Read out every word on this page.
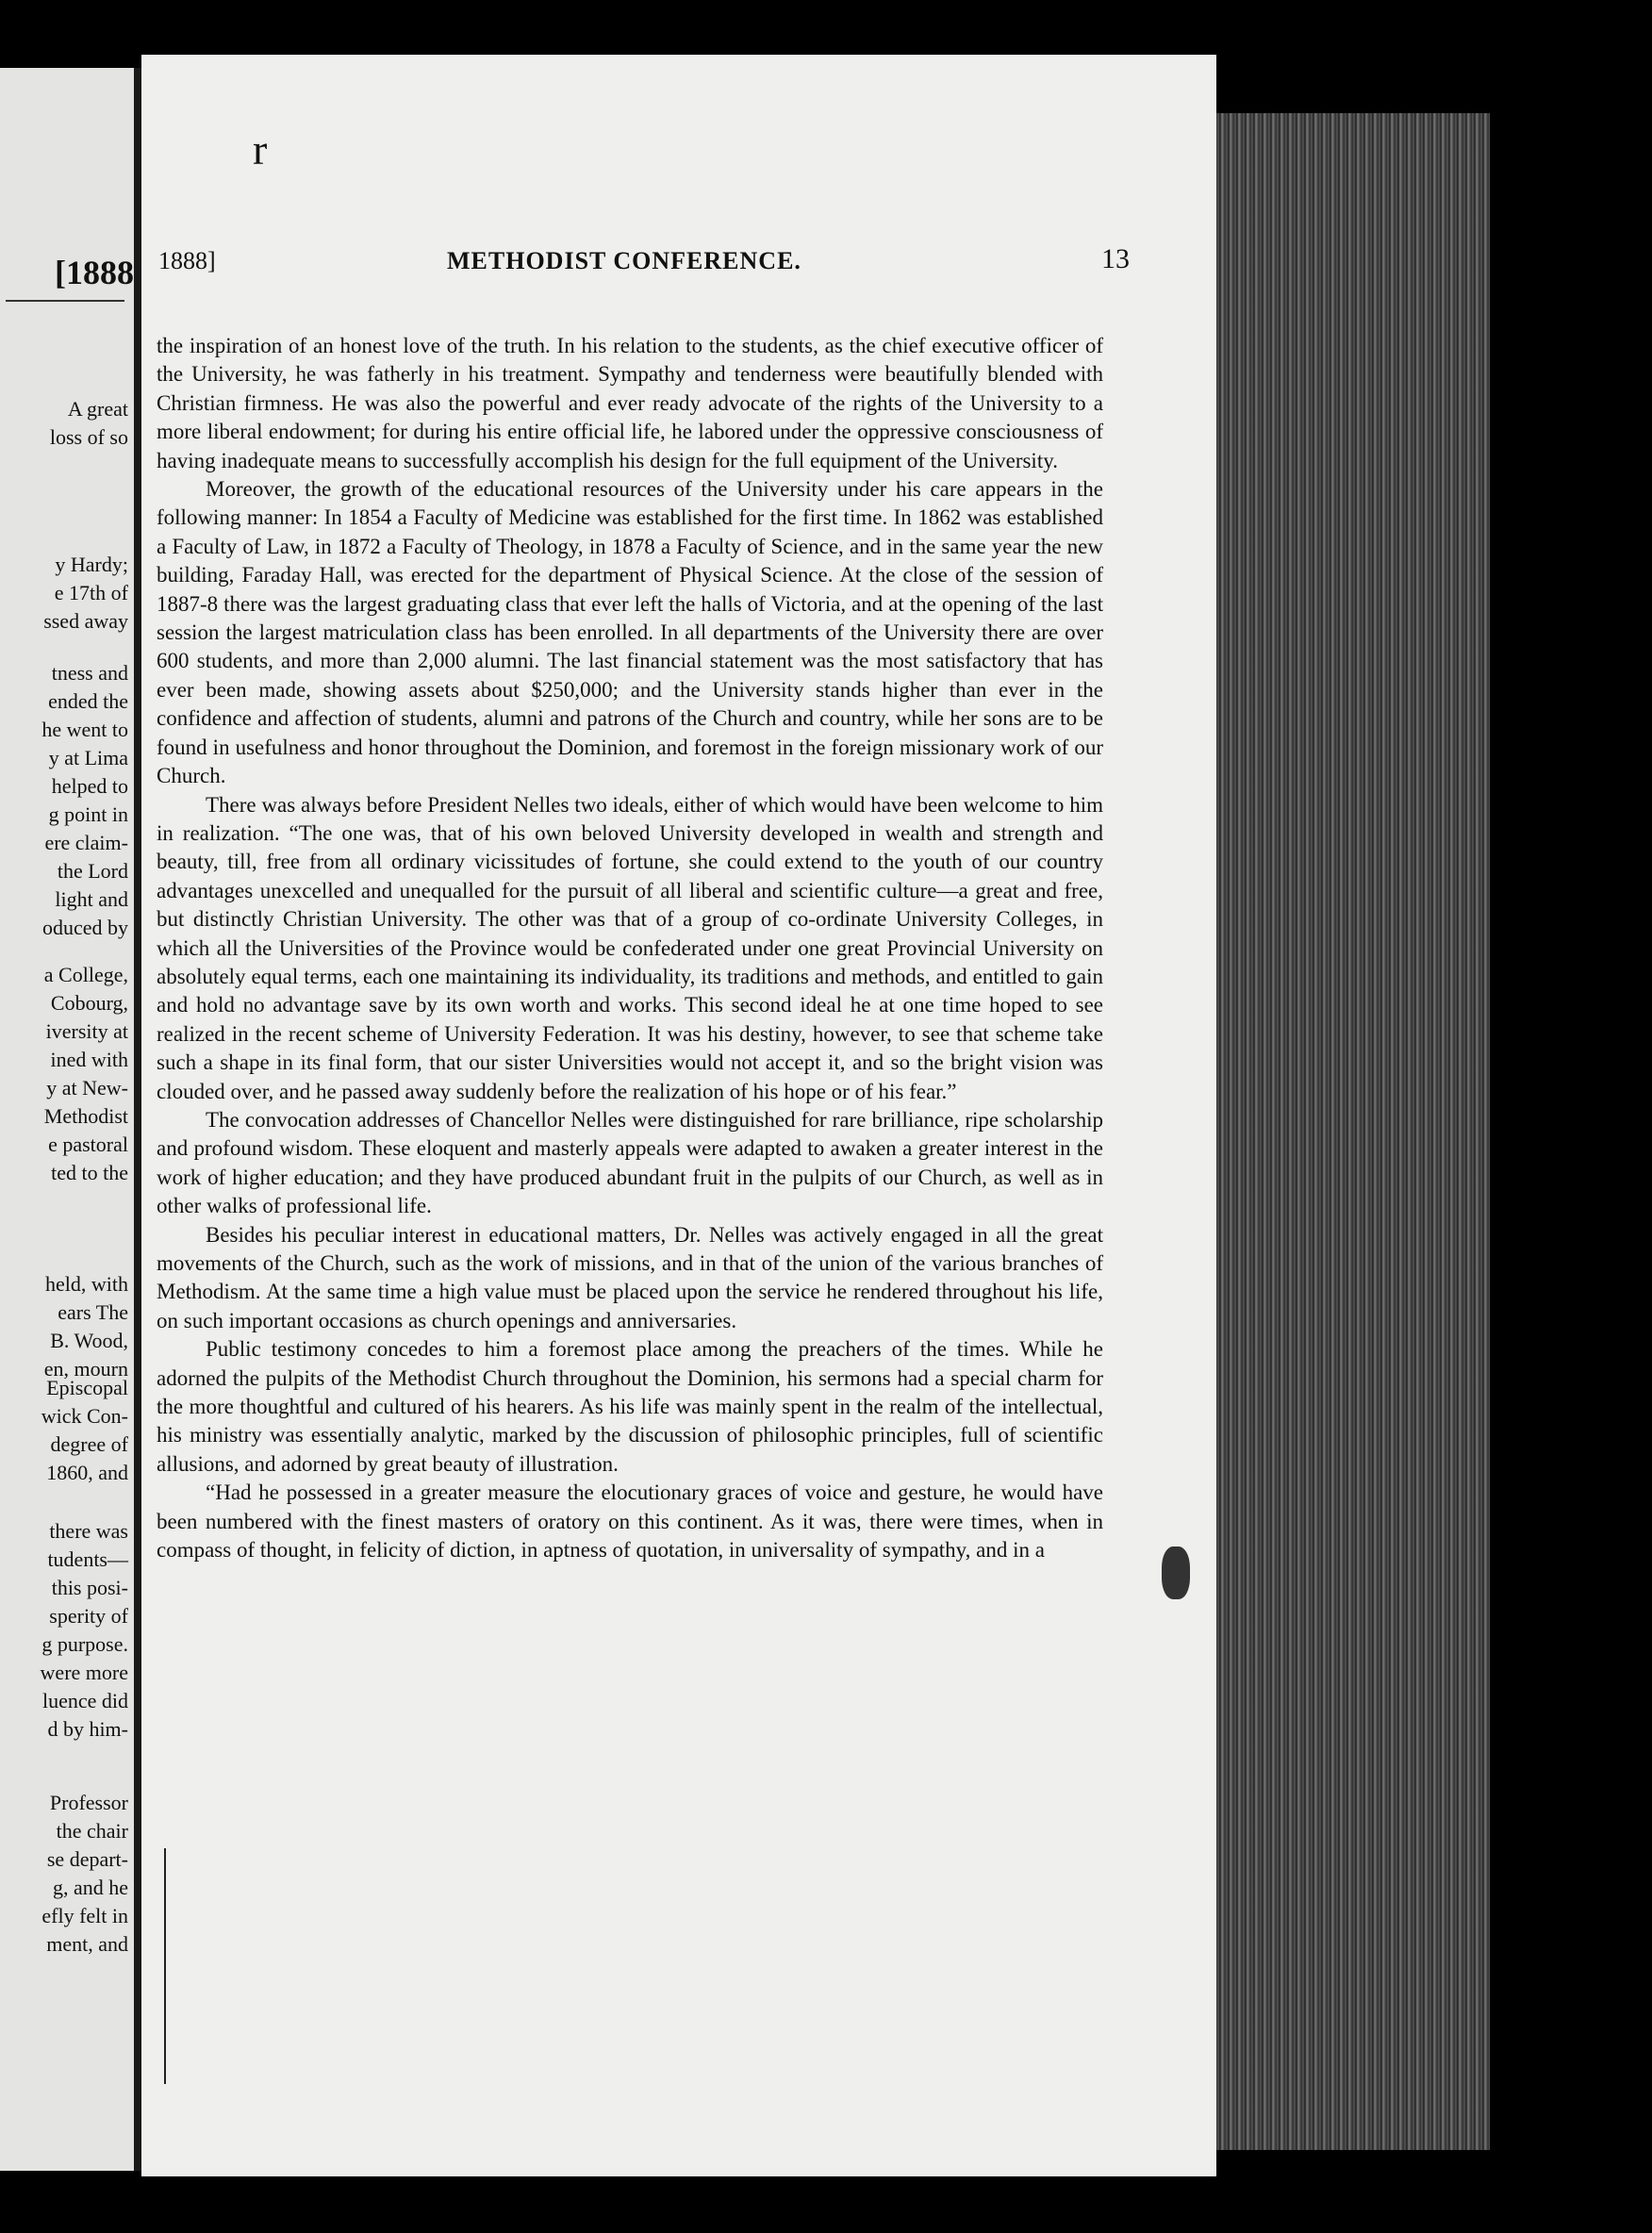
[1888
A great
loss of so
y Hardy;
e 17th of
ssed away
tness and
ended the
he went to
y at Lima
helped to
g point in
ere claim-
the Lord
light and
oduced by
a College,
Cobourg,
iversity at
ined with
y at New-
Methodist
e pastoral
ted to the
held, with
ears The
B. Wood,
en, mourn
Episcopal
wick Con-
degree of
1860, and
there was
tudents—
this posi-
sperity of
g purpose.
were more
luence did
d by him-
Professor
the chair
se depart-
g, and he
efly felt in
ment, and
r
1888]	METHODIST CONFERENCE.	13

the inspiration of an honest love of the truth. In his relation to the students, as the chief executive officer of the University, he was fatherly in his treatment. Sympathy and tenderness were beautifully blended with Christian firmness. He was also the powerful and ever ready advocate of the rights of the University to a more liberal endowment; for during his entire official life, he labored under the oppressive consciousness of having inadequate means to successfully accomplish his design for the full equipment of the University.

Moreover, the growth of the educational resources of the University under his care appears in the following manner: In 1854 a Faculty of Medicine was established for the first time. In 1862 was established a Faculty of Law, in 1872 a Faculty of Theology, in 1878 a Faculty of Science, and in the same year the new building, Faraday Hall, was erected for the department of Physical Science. At the close of the session of 1887-8 there was the largest graduating class that ever left the halls of Victoria, and at the opening of the last session the largest matriculation class has been enrolled. In all departments of the University there are over 600 students, and more than 2,000 alumni. The last financial statement was the most satisfactory that has ever been made, showing assets about $250,000; and the University stands higher than ever in the confidence and affection of students, alumni and patrons of the Church and country, while her sons are to be found in usefulness and honor throughout the Dominion, and foremost in the foreign missionary work of our Church.

There was always before President Nelles two ideals, either of which would have been welcome to him in realization. “The one was, that of his own beloved University developed in wealth and strength and beauty, till, free from all ordinary vicissitudes of fortune, she could extend to the youth of our country advantages unexcelled and unequalled for the pursuit of all liberal and scientific culture—a great and free, but distinctly Christian University. The other was that of a group of co-ordinate University Colleges, in which all the Universities of the Province would be confederated under one great Provincial University on absolutely equal terms, each one maintaining its individuality, its traditions and methods, and entitled to gain and hold no advantage save by its own worth and works. This second ideal he at one time hoped to see realized in the recent scheme of University Federation. It was his destiny, however, to see that scheme take such a shape in its final form, that our sister Universities would not accept it, and so the bright vision was clouded over, and he passed away suddenly before the realization of his hope or of his fear.”

The convocation addresses of Chancellor Nelles were distinguished for rare brilliance, ripe scholarship and profound wisdom. These eloquent and masterly appeals were adapted to awaken a greater interest in the work of higher education; and they have produced abundant fruit in the pulpits of our Church, as well as in other walks of professional life.

Besides his peculiar interest in educational matters, Dr. Nelles was actively engaged in all the great movements of the Church, such as the work of missions, and in that of the union of the various branches of Methodism. At the same time a high value must be placed upon the service he rendered throughout his life, on such important occasions as church openings and anniversaries.

Public testimony concedes to him a foremost place among the preachers of the times. While he adorned the pulpits of the Methodist Church throughout the Dominion, his sermons had a special charm for the more thoughtful and cultured of his hearers. As his life was mainly spent in the realm of the intellectual, his ministry was essentially analytic, marked by the discussion of philosophic principles, full of scientific allusions, and adorned by great beauty of illustration.

“Had he possessed in a greater measure the elocutionary graces of voice and gesture, he would have been numbered with the finest masters of oratory on this continent. As it was, there were times, when in compass of thought, in felicity of diction, in aptness of quotation, in universality of sympathy, and in a
